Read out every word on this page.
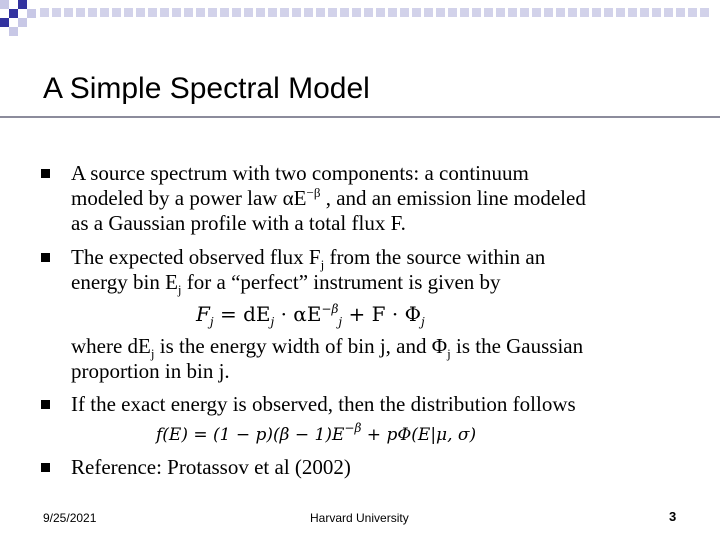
A Simple Spectral Model
A source spectrum with two components: a continuum
modeled by a power law $\alpha E^{-\beta}$ , and an emission line modeled
as a Gaussian profile with a total flux F.
The expected observed flux $F_j$ from the source within an
energy bin $E_j$ for a “perfect” instrument is given by
$F_j = dE_j \cdot \alpha E^{-\beta}_j + F \cdot \Phi_j$
where $dE_j$ is the energy width of bin j, and $\Phi_j$ is the Gaussian
proportion in bin j.
If the exact energy is observed, then the distribution follows
$f(E) = (1 - p)(\beta - 1)E^{-\beta} + p\Phi(E|\mu$, σ)
Reference: Protassov et al (2002)
9/25/2021	Harvard University	3
